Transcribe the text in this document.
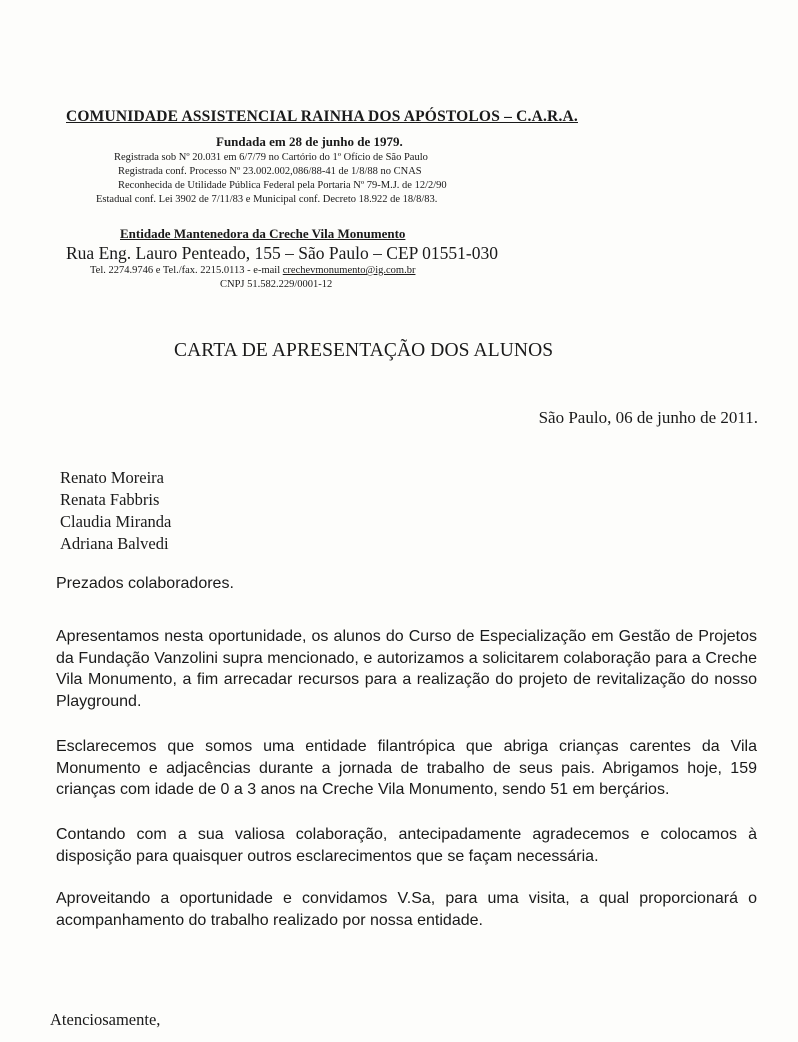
COMUNIDADE ASSISTENCIAL RAINHA DOS APÓSTOLOS – C.A.R.A.
Fundada em 28 de junho de 1979.
Registrada sob Nº 20.031 em 6/7/79 no Cartório do 1º Ofício de São Paulo
Registrada conf. Processo Nº 23.002.002,086/88-41 de 1/8/88 no CNAS
Reconhecida de Utilidade Pública Federal pela Portaria Nº 79-M.J. de 12/2/90
Estadual conf. Lei 3902 de 7/11/83 e Municipal conf. Decreto 18.922 de 18/8/83.
Entidade Mantenedora da Creche Vila Monumento
Rua Eng. Lauro Penteado, 155 – São Paulo – CEP 01551-030
Tel. 2274.9746 e Tel./fax. 2215.0113 - e-mail crechevmonumento@ig.com.br
CNPJ 51.582.229/0001-12
CARTA DE APRESENTAÇÃO DOS ALUNOS
São Paulo, 06 de junho de 2011.
Renato Moreira
Renata Fabbris
Claudia Miranda
Adriana Balvedi
Prezados colaboradores.
Apresentamos nesta oportunidade, os alunos do Curso de Especialização em Gestão de Projetos da Fundação Vanzolini supra mencionado, e autorizamos a solicitarem colaboração para a Creche Vila Monumento, a fim arrecadar recursos para a realização do projeto de revitalização do nosso Playground.
Esclarecemos que somos uma entidade filantrópica que abriga crianças carentes da Vila Monumento e adjacências durante a jornada de trabalho de seus pais. Abrigamos hoje, 159 crianças com idade de 0 a 3 anos na Creche Vila Monumento, sendo 51 em berçários.
Contando com a sua valiosa colaboração, antecipadamente agradecemos e colocamos à disposição para quaisquer outros esclarecimentos que se façam necessária.
Aproveitando a oportunidade e convidamos V.Sa, para uma visita, a qual proporcionará o acompanhamento do trabalho realizado por nossa entidade.
Atenciosamente,
